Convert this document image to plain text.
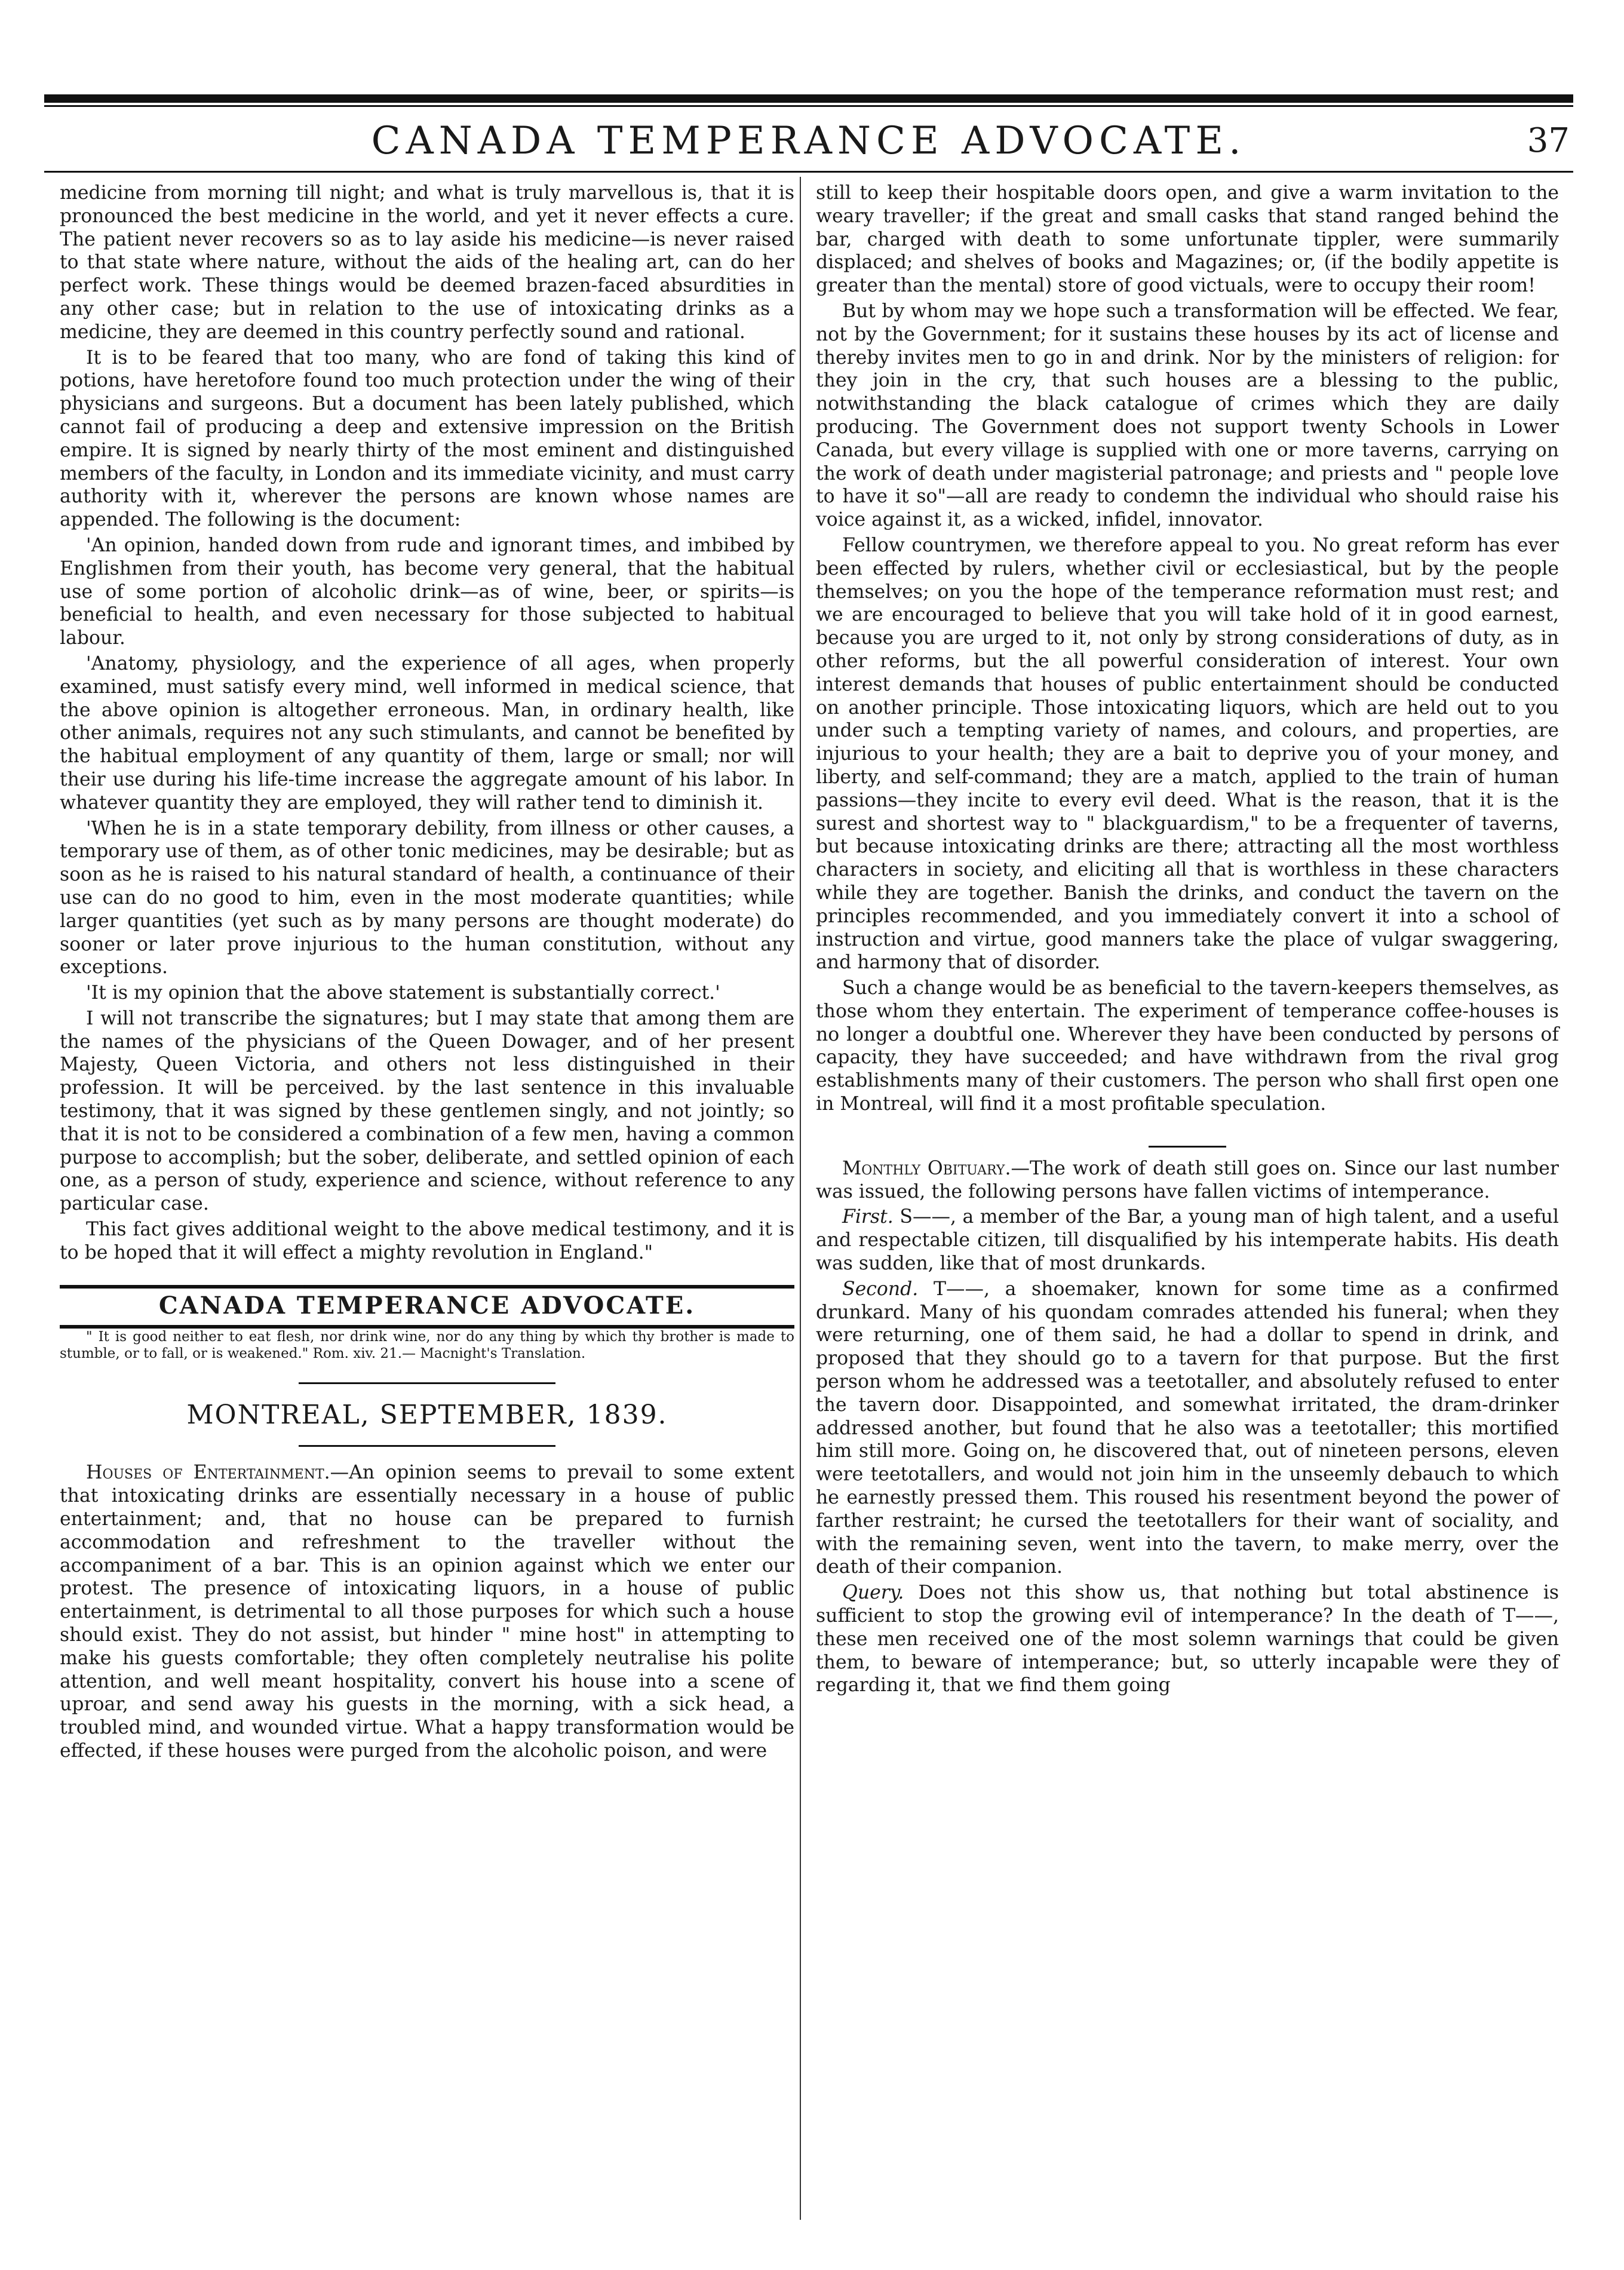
CANADA TEMPERANCE ADVOCATE.	37

medicine from morning till night; and what is truly marvellous is, that it is pronounced the best medicine in the world, and yet it never effects a cure. The patient never recovers so as to lay aside his medicine—is never raised to that state where nature, without the aids of the healing art, can do her perfect work. These things would be deemed brazen-faced absurdities in any other case; but in relation to the use of intoxicating drinks as a medicine, they are deemed in this country perfectly sound and rational.

It is to be feared that too many, who are fond of taking this kind of potions, have heretofore found too much protection under the wing of their physicians and surgeons. But a document has been lately published, which cannot fail of producing a deep and extensive impression on the British empire. It is signed by nearly thirty of the most eminent and distinguished members of the faculty, in London and its immediate vicinity, and must carry authority with it, wherever the persons are known whose names are appended. The following is the document:

'An opinion, handed down from rude and ignorant times, and imbibed by Englishmen from their youth, has become very general, that the habitual use of some portion of alcoholic drink—as of wine, beer, or spirits—is beneficial to health, and even necessary for those subjected to habitual labour.

'Anatomy, physiology, and the experience of all ages, when properly examined, must satisfy every mind, well informed in medical science, that the above opinion is altogether erroneous. Man, in ordinary health, like other animals, requires not any such stimulants, and cannot be benefited by the habitual employment of any quantity of them, large or small; nor will their use during his life-time increase the aggregate amount of his labor. In whatever quantity they are employed, they will rather tend to diminish it.

'When he is in a state temporary debility, from illness or other causes, a temporary use of them, as of other tonic medicines, may be desirable; but as soon as he is raised to his natural standard of health, a continuance of their use can do no good to him, even in the most moderate quantities; while larger quantities (yet such as by many persons are thought moderate) do sooner or later prove injurious to the human constitution, without any exceptions.

'It is my opinion that the above statement is substantially correct.'

I will not transcribe the signatures; but I may state that among them are the names of the physicians of the Queen Dowager, and of her present Majesty, Queen Victoria, and others not less distinguished in their profession. It will be perceived. by the last sentence in this invaluable testimony, that it was signed by these gentlemen singly, and not jointly; so that it is not to be considered a combination of a few men, having a common purpose to accomplish; but the sober, deliberate, and settled opinion of each one, as a person of study, experience and science, without reference to any particular case.

This fact gives additional weight to the above medical testimony, and it is to be hoped that it will effect a mighty revolution in England."

CANADA TEMPERANCE ADVOCATE.

" It is good neither to eat flesh, nor drink wine, nor do any thing by which thy brother is made to stumble, or to fall, or is weakened." Rom. xiv. 21.— Macnight's Translation.

MONTREAL, SEPTEMBER, 1839.

Houses of Entertainment.—An opinion seems to prevail to some extent that intoxicating drinks are essentially necessary in a house of public entertainment; and, that no house can be prepared to furnish accommodation and refreshment to the traveller without the accompaniment of a bar. This is an opinion against which we enter our protest. The presence of intoxicating liquors, in a house of public entertainment, is detrimental to all those purposes for which such a house should exist. They do not assist, but hinder " mine host" in attempting to make his guests comfortable; they often completely neutralise his polite attention, and well meant hospitality, convert his house into a scene of uproar, and send away his guests in the morning, with a sick head, a troubled mind, and wounded virtue. What a happy transformation would be effected, if these houses were purged from the alcoholic poison, and were

still to keep their hospitable doors open, and give a warm invitation to the weary traveller; if the great and small casks that stand ranged behind the bar, charged with death to some unfortunate tippler, were summarily displaced; and shelves of books and Magazines; or, (if the bodily appetite is greater than the mental) store of good victuals, were to occupy their room!

But by whom may we hope such a transformation will be effected. We fear, not by the Government; for it sustains these houses by its act of license and thereby invites men to go in and drink. Nor by the ministers of religion: for they join in the cry, that such houses are a blessing to the public, notwithstanding the black catalogue of crimes which they are daily producing. The Government does not support twenty Schools in Lower Canada, but every village is supplied with one or more taverns, carrying on the work of death under magisterial patronage; and priests and " people love to have it so"—all are ready to condemn the individual who should raise his voice against it, as a wicked, infidel, innovator.

Fellow countrymen, we therefore appeal to you. No great reform has ever been effected by rulers, whether civil or ecclesiastical, but by the people themselves; on you the hope of the temperance reformation must rest; and we are encouraged to believe that you will take hold of it in good earnest, because you are urged to it, not only by strong considerations of duty, as in other reforms, but the all powerful consideration of interest. Your own interest demands that houses of public entertainment should be conducted on another principle. Those intoxicating liquors, which are held out to you under such a tempting variety of names, and colours, and properties, are injurious to your health; they are a bait to deprive you of your money, and liberty, and self-command; they are a match, applied to the train of human passions—they incite to every evil deed. What is the reason, that it is the surest and shortest way to " blackguardism," to be a frequenter of taverns, but because intoxicating drinks are there; attracting all the most worthless characters in society, and eliciting all that is worthless in these characters while they are together. Banish the drinks, and conduct the tavern on the principles recommended, and you immediately convert it into a school of instruction and virtue, good manners take the place of vulgar swaggering, and harmony that of disorder.

Such a change would be as beneficial to the tavern-keepers themselves, as those whom they entertain. The experiment of temperance coffee-houses is no longer a doubtful one. Wherever they have been conducted by persons of capacity, they have succeeded; and have withdrawn from the rival grog establishments many of their customers. The person who shall first open one in Montreal, will find it a most profitable speculation.

Monthly Obituary.—The work of death still goes on. Since our last number was issued, the following persons have fallen victims of intemperance.

First. S——, a member of the Bar, a young man of high talent, and a useful and respectable citizen, till disqualified by his intemperate habits. His death was sudden, like that of most drunkards.

Second. T——, a shoemaker, known for some time as a confirmed drunkard. Many of his quondam comrades attended his funeral; when they were returning, one of them said, he had a dollar to spend in drink, and proposed that they should go to a tavern for that purpose. But the first person whom he addressed was a teetotaller, and absolutely refused to enter the tavern door. Disappointed, and somewhat irritated, the dram-drinker addressed another, but found that he also was a teetotaller; this mortified him still more. Going on, he discovered that, out of nineteen persons, eleven were teetotallers, and would not join him in the unseemly debauch to which he earnestly pressed them. This roused his resentment beyond the power of farther restraint; he cursed the teetotallers for their want of sociality, and with the remaining seven, went into the tavern, to make merry, over the death of their companion.

Query. Does not this show us, that nothing but total abstinence is sufficient to stop the growing evil of intemperance? In the death of T——, these men received one of the most solemn warnings that could be given them, to beware of intemperance; but, so utterly incapable were they of regarding it, that we find them going
